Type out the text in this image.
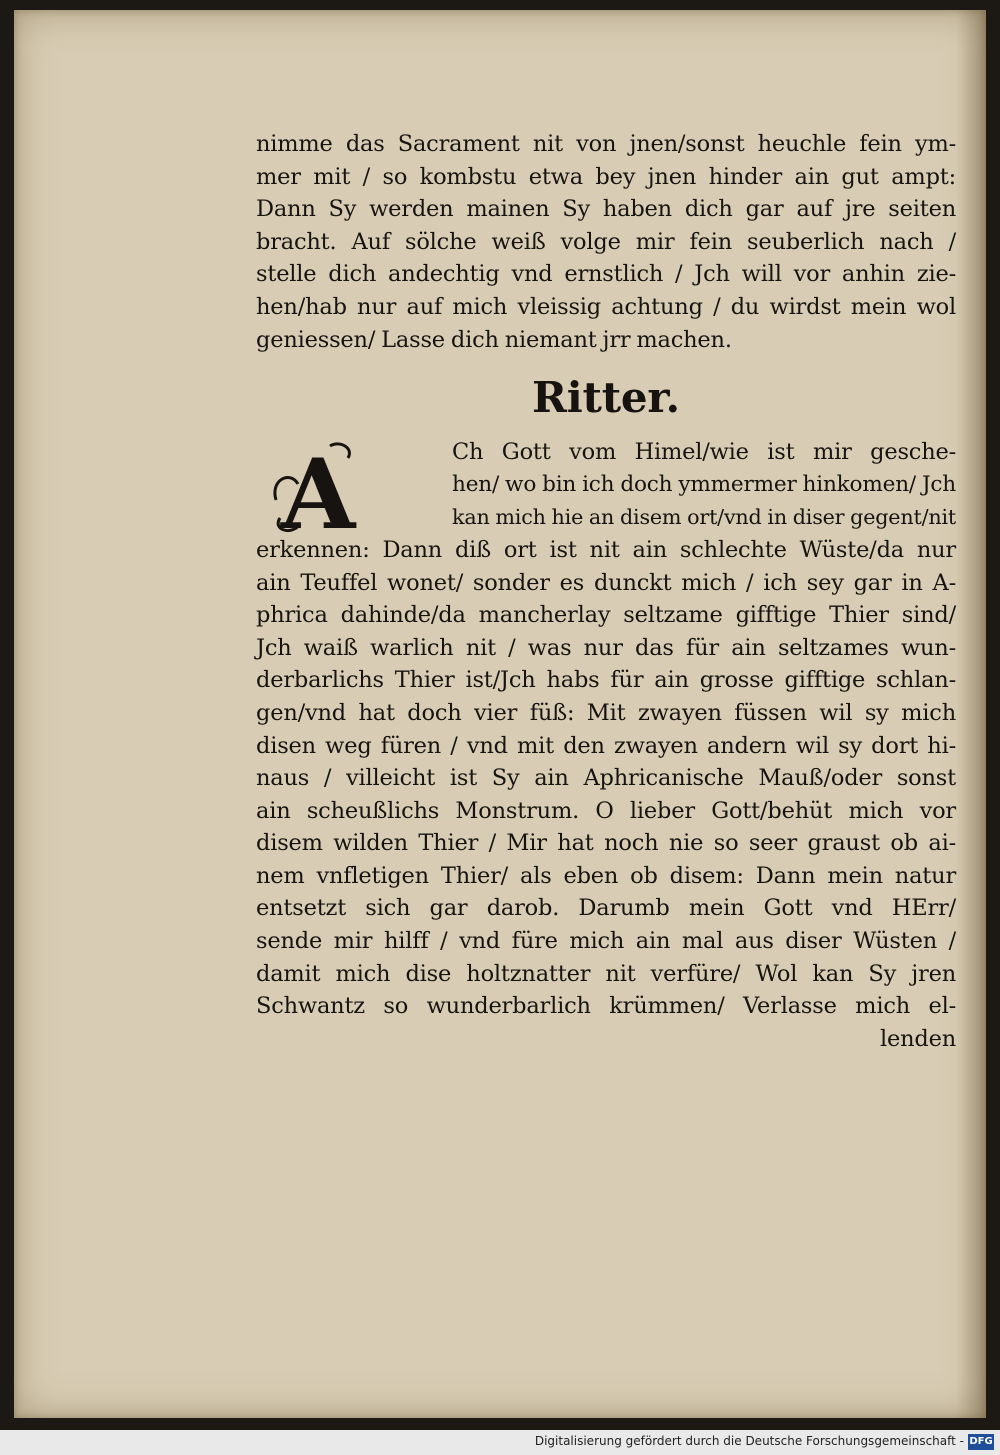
nimme das Sacrament nit von jnen/sonst heuchle fein ym-
mer mit / so kombstu etwa bey jnen hinder ain gut ampt:
Dann Sy werden mainen Sy haben dich gar auf jre seiten
bracht. Auf sölche weiß volge mir fein seuberlich nach /
stelle dich andechtig vnd ernstlich / Jch will vor anhin zie-
hen/hab nur auf mich vleissig achtung / du wirdst mein wol
geniessen/ Lasse dich niemant jrr machen.
Ritter.
A	Ch Gott vom Himel/wie ist mir gesche-
hen/ wo bin ich doch ymmermer hinkomen/ Jch
kan mich hie an disem ort/vnd in diser gegent/nit
erkennen: Dann diß ort ist nit ain schlechte Wüste/da nur
ain Teuffel wonet/ sonder es dunckt mich / ich sey gar in A-
phrica dahinde/da mancherlay seltzame gifftige Thier sind/
Jch waiß warlich nit / was nur das für ain seltzames wun-
derbarlichs Thier ist/Jch habs für ain grosse gifftige schlan-
gen/vnd hat doch vier füß: Mit zwayen füssen wil sy mich
disen weg füren / vnd mit den zwayen andern wil sy dort hi-
naus / villeicht ist Sy ain Aphricanische Mauß/oder sonst
ain scheußlichs Monstrum. O lieber Gott/behüt mich vor
disem wilden Thier / Mir hat noch nie so seer graust ob ai-
nem vnfletigen Thier/ als eben ob disem: Dann mein natur
entsetzt sich gar darob. Darumb mein Gott vnd HErr/
sende mir hilff / vnd füre mich ain mal aus diser Wüsten /
damit mich dise holtznatter nit verfüre/ Wol kan Sy jren
Schwantz so wunderbarlich krümmen/ Verlasse mich el-
lenden
Digitalisierung gefördert durch die Deutsche Forschungsgemeinschaft - DFG
